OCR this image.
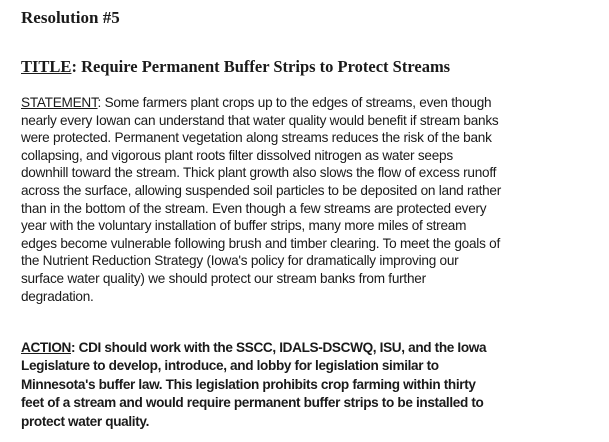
Resolution #5
TITLE: Require Permanent Buffer Strips to Protect Streams
STATEMENT: Some farmers plant crops up to the edges of streams, even though
nearly every Iowan can understand that water quality would benefit if stream banks
were protected. Permanent vegetation along streams reduces the risk of the bank
collapsing, and vigorous plant roots filter dissolved nitrogen as water seeps
downhill toward the stream. Thick plant growth also slows the flow of excess runoff
across the surface, allowing suspended soil particles to be deposited on land rather
than in the bottom of the stream. Even though a few streams are protected every
year with the voluntary installation of buffer strips, many more miles of stream
edges become vulnerable following brush and timber clearing. To meet the goals of
the Nutrient Reduction Strategy (Iowa's policy for dramatically improving our
surface water quality) we should protect our stream banks from further
degradation.
ACTION: CDI should work with the SSCC, IDALS-DSCWQ, ISU, and the Iowa
Legislature to develop, introduce, and lobby for legislation similar to
Minnesota's buffer law. This legislation prohibits crop farming within thirty
feet of a stream and would require permanent buffer strips to be installed to
protect water quality.
